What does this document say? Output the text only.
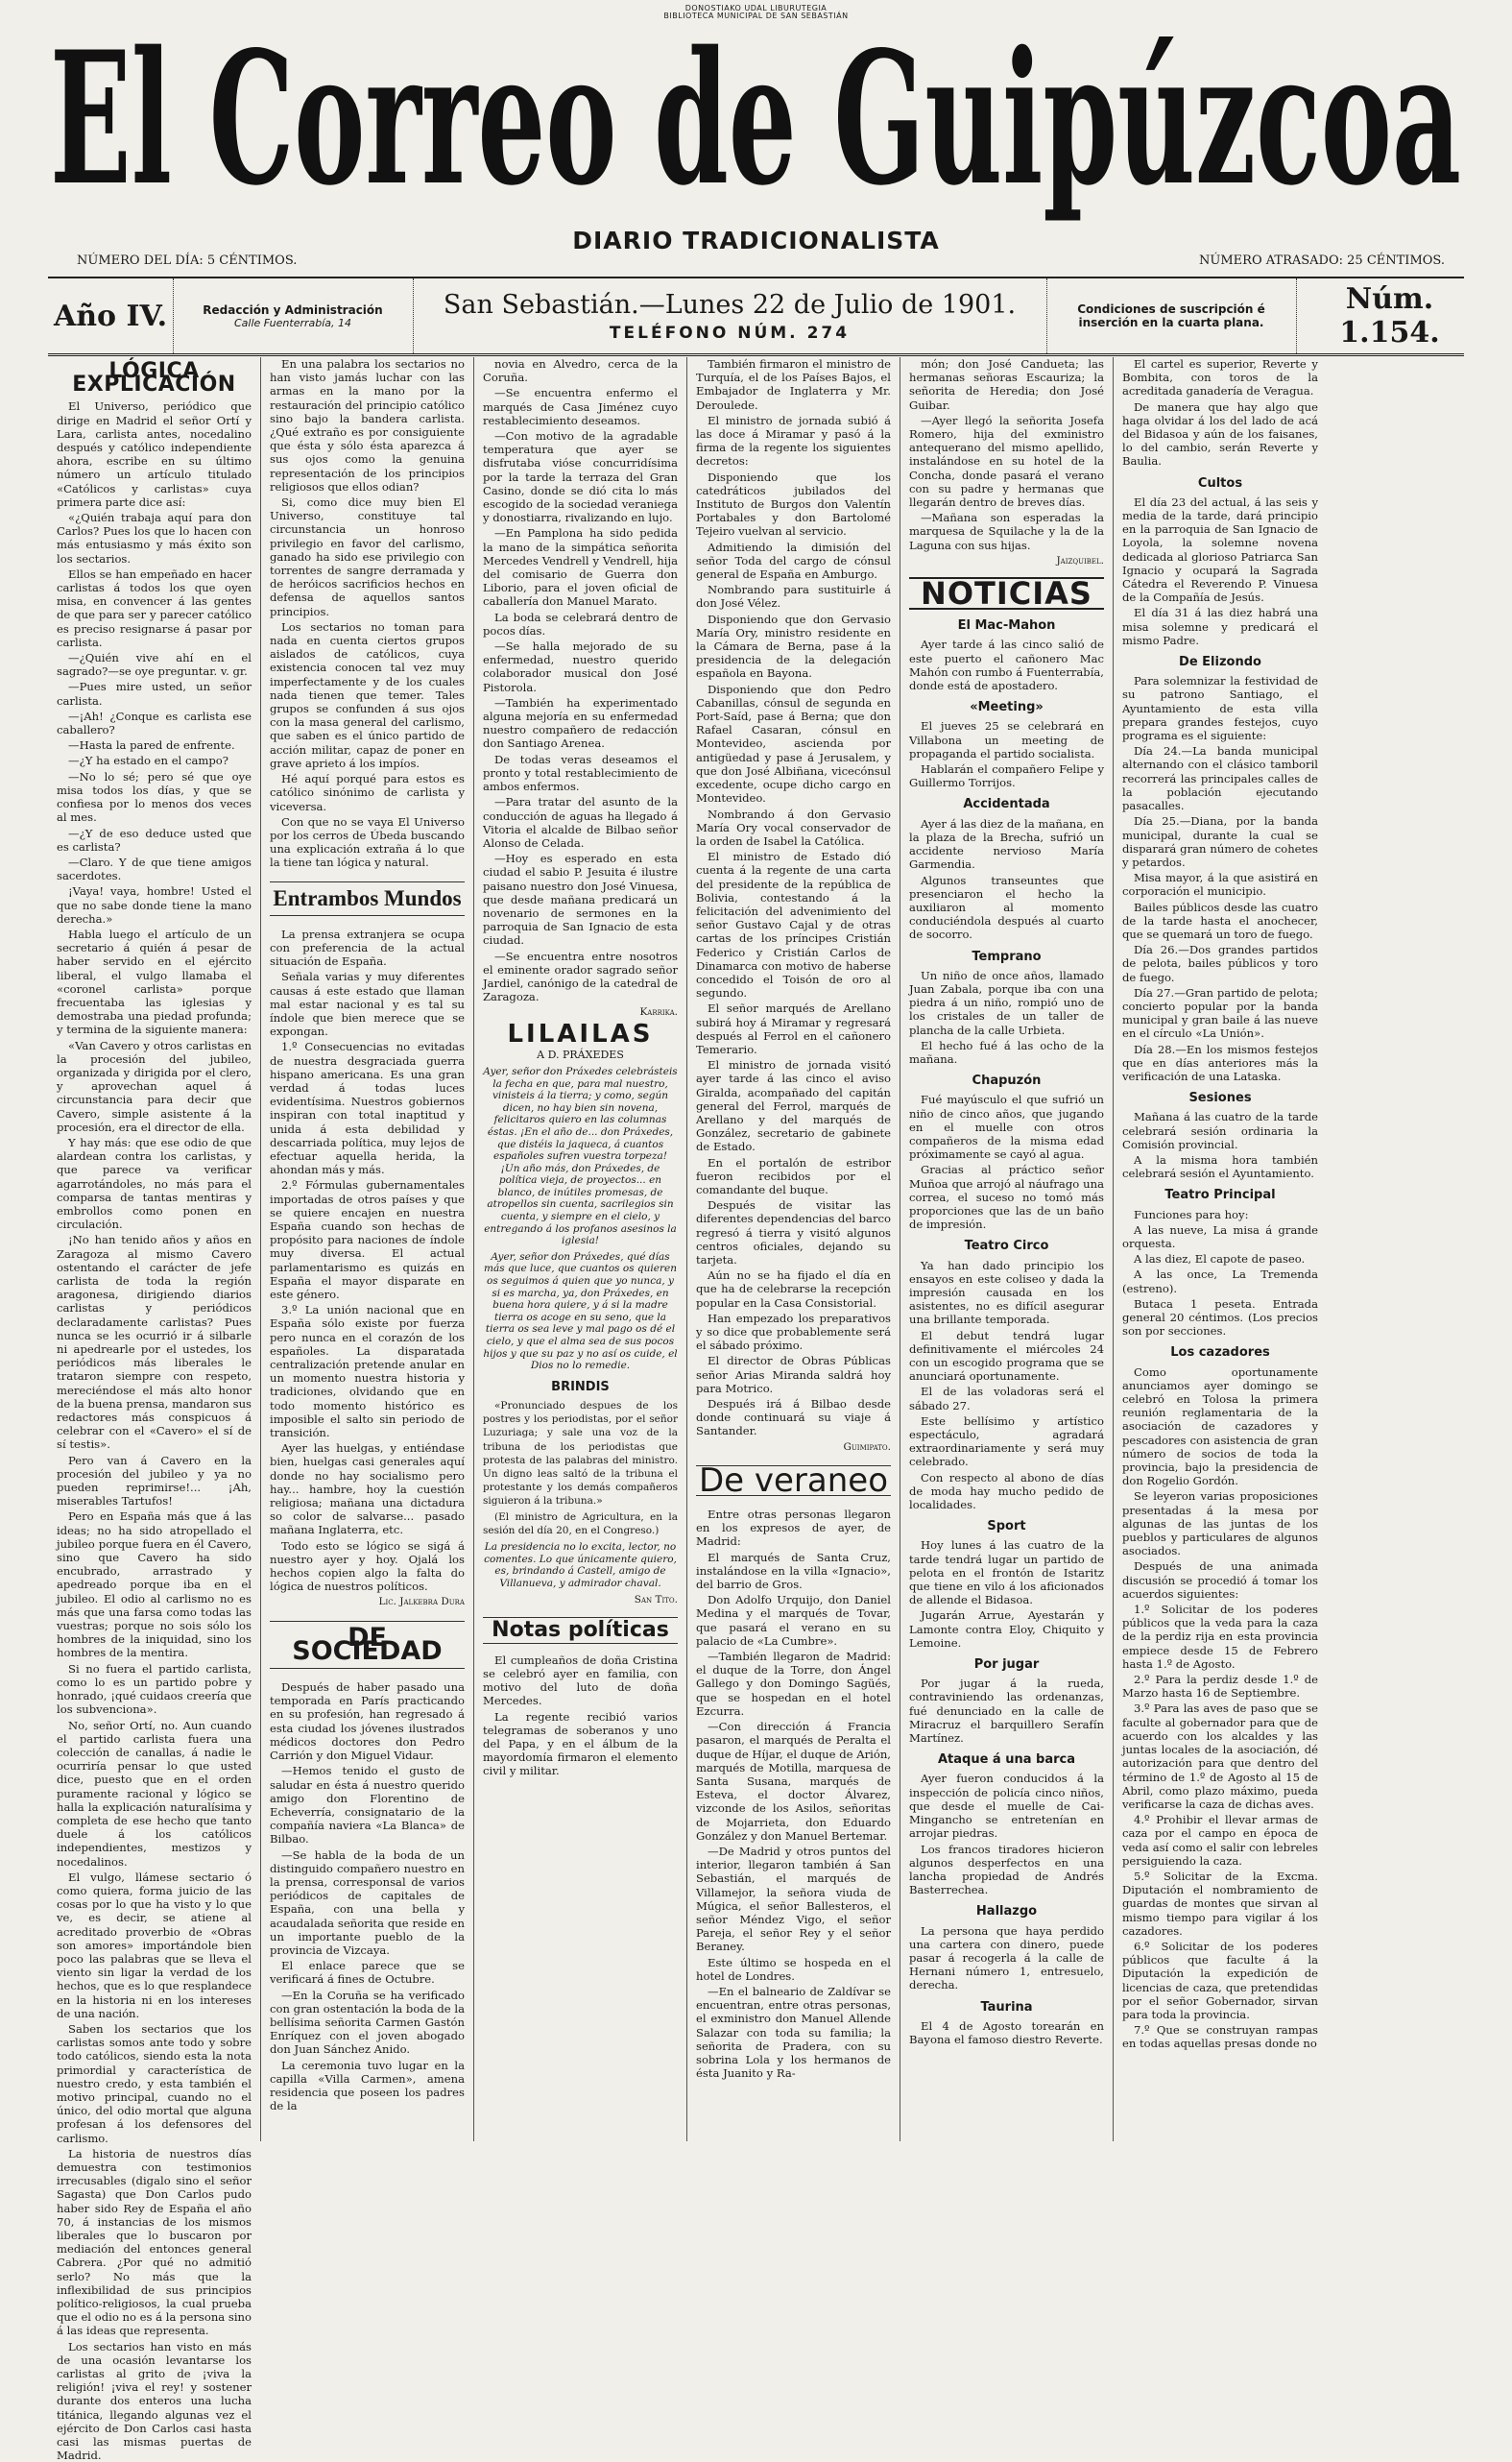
DONOSTIAKO UDAL LIBURUTEGIA
BIBLIOTECA MUNICIPAL DE SAN SEBASTIÁN
El Correo de Guipúzcoa
DIARIO TRADICIONALISTA
NÚMERO DEL DÍA: 5 CÉNTIMOS.	NÚMERO ATRASADO: 25 CÉNTIMOS.
Año IV.	Redacción y Administración
Calle Fuenterrabía, 14
San Sebastián.—Lunes 22 de Julio de 1901.
TELÉFONO NÚM. 274
Condiciones de suscripción é inserción en la cuarta plana.
Núm. 1.154.
LÓGICA EXPLICACIÓN

El Universo, periódico que dirige en Madrid el señor Ortí y Lara, carlista antes, nocedalino después y católico independiente ahora, escribe en su último número un artículo titulado «Católicos y carlistas» cuya primera parte dice así:

«¿Quién trabaja aquí para don Carlos? Pues los que lo hacen con más entusiasmo y más éxito son los sectarios.

Ellos se han empeñado en hacer carlistas á todos los que oyen misa, en convencer á las gentes de que para ser y parecer católico es preciso resignarse á pasar por carlista.

—¿Quién vive ahí en el sagrado?—se oye preguntar. v. gr.

—Pues mire usted, un señor carlista.

—¡Ah! ¿Conque es carlista ese caballero?

—Hasta la pared de enfrente.

—¿Y ha estado en el campo?

—No lo sé; pero sé que oye misa todos los días, y que se confiesa por lo menos dos veces al mes.

—¿Y de eso deduce usted que es carlista?

—Claro. Y de que tiene amigos sacerdotes.

¡Vaya! vaya, hombre! Usted el que no sabe donde tiene la mano derecha.»

Habla luego el artículo de un secretario á quién á pesar de haber servido en el ejército liberal, el vulgo llamaba el «coronel carlista» porque frecuentaba las iglesias y demostraba una piedad profunda; y termina de la siguiente manera:

«Van Cavero y otros carlistas en la procesión del jubileo, organizada y dirigida por el clero, y aprovechan aquel á circunstancia para decir que Cavero, simple asistente á la procesión, era el director de ella.

Y hay más: que ese odio de que alardean contra los carlistas, y que parece va verificar agarrotándoles, no más para el comparsa de tantas mentiras y embrollos como ponen en circulación.

¡No han tenido años y años en Zaragoza al mismo Cavero ostentando el carácter de jefe carlista de toda la región aragonesa, dirigiendo diarios carlistas y periódicos declaradamente carlistas? Pues nunca se les ocurrió ir á silbarle ni apedrearle por el ustedes, los periódicos más liberales le trataron siempre con respeto, mereciéndose el más alto honor de la buena prensa, mandaron sus redactores más conspicuos á celebrar con el «Cavero» el sí de sí testis».

Pero van á Cavero en la procesión del jubileo y ya no pueden reprimirse!... ¡Ah, miserables Tartufos!

Pero en España más que á las ideas; no ha sido atropellado el jubileo porque fuera en él Cavero, sino que Cavero ha sido encubrado, arrastrado y apedreado porque iba en el jubileo. El odio al carlismo no es más que una farsa como todas las vuestras; porque no sois sólo los hombres de la iniquidad, sino los hombres de la mentira.

Si no fuera el partido carlista, como lo es un partido pobre y honrado, ¡qué cuidaos creería que los subvenciona».

No, señor Ortí, no. Aun cuando el partido carlista fuera una colección de canallas, á nadie le ocurriría pensar lo que usted dice, puesto que en el orden puramente racional y lógico se halla la explicación naturalísima y completa de ese hecho que tanto duele á los católicos independientes, mestizos y nocedalinos.

El vulgo, llámese sectario ó como quiera, forma juicio de las cosas por lo que ha visto y lo que ve, es decir, se atiene al acreditado proverbio de «Obras son amores» importándole bien poco las palabras que se lleva el viento sin ligar la verdad de los hechos, que es lo que resplandece en la historia ni en los intereses de una nación.

Saben los sectarios que los carlistas somos ante todo y sobre todo católicos, siendo esta la nota primordial y característica de nuestro credo, y esta también el motivo principal, cuando no el único, del odio mortal que alguna profesan á los defensores del carlismo.

La historia de nuestros días demuestra con testimonios irrecusables (digalo sino el señor Sagasta) que Don Carlos pudo haber sido Rey de España el año 70, á instancias de los mismos liberales que lo buscaron por mediación del entonces general Cabrera. ¿Por qué no admitió serlo? No más que la inflexibilidad de sus principios político-religiosos, la cual prueba que el odio no es á la persona sino á las ideas que representa.

Los sectarios han visto en más de una ocasión levantarse los carlistas al grito de ¡viva la religión! ¡viva el rey! y sostener durante dos enteros una lucha titánica, llegando algunas vez el ejército de Don Carlos casi hasta casi las mismas puertas de Madrid.

En una palabra los sectarios no han visto jamás luchar con las armas en la mano por la restauración del principio católico sino bajo la bandera carlista. ¿Qué extraño es por consiguiente que ésta y sólo ésta aparezca á sus ojos como la genuina representación de los principios religiosos que ellos odian?

Si, como dice muy bien El Universo, constituye tal circunstancia un honroso privilegio en favor del carlismo, ganado ha sido ese privilegio con torrentes de sangre derramada y de heróicos sacrificios hechos en defensa de aquellos santos principios.

Los sectarios no toman para nada en cuenta ciertos grupos aislados de católicos, cuya existencia conocen tal vez muy imperfectamente y de los cuales nada tienen que temer. Tales grupos se confunden á sus ojos con la masa general del carlismo, que saben es el único partido de acción militar, capaz de poner en grave aprieto á los impíos.

Hé aquí porqué para estos es católico sinónimo de carlista y viceversa.

Con que no se vaya El Universo por los cerros de Úbeda buscando una explicación extraña á lo que la tiene tan lógica y natural.

Entrambos Mundos

La prensa extranjera se ocupa con preferencia de la actual situación de España.

Señala varias y muy diferentes causas á este estado que llaman mal estar nacional y es tal su índole que bien merece que se expongan.

1.º Consecuencias no evitadas de nuestra desgraciada guerra hispano americana. Es una gran verdad á todas luces evidentísima. Nuestros gobiernos inspiran con total inaptitud y unida á esta debilidad y descarriada política, muy lejos de efectuar aquella herida, la ahondan más y más.

2.º Fórmulas gubernamentales importadas de otros países y que se quiere encajen en nuestra España cuando son hechas de propósito para naciones de índole muy diversa. El actual parlamentarismo es quizás en España el mayor disparate en este género.

3.º La unión nacional que en España sólo existe por fuerza pero nunca en el corazón de los españoles. La disparatada centralización pretende anular en un momento nuestra historia y tradiciones, olvidando que en todo momento histórico es imposible el salto sin periodo de transición.

Ayer las huelgas, y entiéndase bien, huelgas casi generales aquí donde no hay socialismo pero hay... hambre, hoy la cuestión religiosa; mañana una dictadura so color de salvarse... pasado mañana Inglaterra, etc.

Todo esto se lógico se sigá á nuestro ayer y hoy. Ojalá los hechos copien algo la falta do lógica de nuestros políticos.

Lic. Jalkebra Dura
DE SOCIEDAD

Después de haber pasado una temporada en París practicando en su profesión, han regresado á esta ciudad los jóvenes ilustrados médicos doctores don Pedro Carrión y don Miguel Vidaur.

—Hemos tenido el gusto de saludar en ésta á nuestro querido amigo don Florentino de Echeverría, consignatario de la compañía naviera «La Blanca» de Bilbao.

—Se habla de la boda de un distinguido compañero nuestro en la prensa, corresponsal de varios periódicos de capitales de España, con una bella y acaudalada señorita que reside en un importante pueblo de la provincia de Vizcaya.

El enlace parece que se verificará á fines de Octubre.

—En la Coruña se ha verificado con gran ostentación la boda de la bellísima señorita Carmen Gastón Enríquez con el joven abogado don Juan Sánchez Anido.

La ceremonia tuvo lugar en la capilla «Villa Carmen», amena residencia que poseen los padres de la

novia en Alvedro, cerca de la Coruña.

—Se encuentra enfermo el marqués de Casa Jiménez cuyo restablecimiento deseamos.

—Con motivo de la agradable temperatura que ayer se disfrutaba vióse concurridísima por la tarde la terraza del Gran Casino, donde se dió cita lo más escogido de la sociedad veraniega y donostiarra, rivalizando en lujo.

—En Pamplona ha sido pedida la mano de la simpática señorita Mercedes Vendrell y Vendrell, hija del comisario de Guerra don Liborio, para el joven oficial de caballería don Manuel Marato.

La boda se celebrará dentro de pocos días.

—Se halla mejorado de su enfermedad, nuestro querido colaborador musical don José Pistorola.

—También ha experimentado alguna mejoría en su enfermedad nuestro compañero de redacción don Santiago Arenea.

De todas veras deseamos el pronto y total restablecimiento de ambos enfermos.

—Para tratar del asunto de la conducción de aguas ha llegado á Vitoria el alcalde de Bilbao señor Alonso de Celada.

—Hoy es esperado en esta ciudad el sabio P. Jesuita é ilustre paisano nuestro don José Vinuesa, que desde mañana predicará un novenario de sermones en la parroquia de San Ignacio de esta ciudad.

—Se encuentra entre nosotros el eminente orador sagrado señor Jardiel, canónigo de la catedral de Zaragoza.

Karrika.
LILAILAS
A D. PRÁXEDES
Ayer, señor don Práxedes celebrásteis la fecha en que, para mal nuestro, vinisteis á la tierra; y como, según dicen, no hay bien sin novena, felicitaros quiero en las columnas éstas. ¡En el año de... don Práxedes, que distéis la jaqueca, á cuantos españoles sufren vuestra torpeza! ¡Un año más, don Práxedes, de política vieja, de proyectos... en blanco, de inútiles promesas, de atropellos sin cuenta, sacrilegios sin cuenta, y siempre en el cielo, y entregando á los profanos asesinos la iglesia!
Ayer, señor don Práxedes, qué días más que luce, que cuantos os quieren os seguimos á quien que yo nunca, y si es marcha, ya, don Práxedes, en buena hora quiere, y á si la madre tierra os acoge en su seno, que la tierra os sea leve y mal pago os dé el cielo, y que el alma sea de sus pocos hijos y que su paz y no así os cuide, el Dios no lo remedie.
BRINDIS

«Pronunciado despues de los postres y los periodistas, por el señor Luzuriaga; y sale una voz de la tribuna de los periodistas que protesta de las palabras del ministro. Un digno leas saltó de la tribuna el protestante y los demás compañeros siguieron á la tribuna.»

(El ministro de Agricultura, en la sesión del día 20, en el Congreso.)

La presidencia no lo excita, lector, no comentes. Lo que únicamente quiero, es, brindando á Castell, amigo de Villanueva, y admirador chaval.
San Tito.
Notas políticas

El cumpleaños de doña Cristina se celebró ayer en familia, con motivo del luto de doña Mercedes.

La regente recibió varios telegramas de soberanos y uno del Papa, y en el álbum de la mayordomía firmaron el elemento civil y militar.

También firmaron el ministro de Turquía, el de los Países Bajos, el Embajador de Inglaterra y Mr. Deroulede.

El ministro de jornada subió á las doce á Miramar y pasó á la firma de la regente los siguientes decretos:

Disponiendo que los catedráticos jubilados del Instituto de Burgos don Valentín Portabales y don Bartolomé Tejeiro vuelvan al servicio.

Admitiendo la dimisión del señor Toda del cargo de cónsul general de España en Amburgo.

Nombrando para sustituirle á don José Vélez.

Disponiendo que don Gervasio María Ory, ministro residente en la Cámara de Berna, pase á la presidencia de la delegación española en Bayona.

Disponiendo que don Pedro Cabanillas, cónsul de segunda en Port-Saíd, pase á Berna; que don Rafael Casaran, cónsul en Montevideo, ascienda por antigüedad y pase á Jerusalem, y que don José Albiñana, vicecónsul excedente, ocupe dicho cargo en Montevideo.

Nombrando á don Gervasio María Ory vocal conservador de la orden de Isabel la Católica.

El ministro de Estado dió cuenta á la regente de una carta del presidente de la república de Bolivia, contestando á la felicitación del advenimiento del señor Gustavo Cajal y de otras cartas de los príncipes Cristián Federico y Cristián Carlos de Dinamarca con motivo de haberse concedido el Toisón de oro al segundo.

El señor marqués de Arellano subirá hoy á Miramar y regresará después al Ferrol en el cañonero Temerario.

El ministro de jornada visitó ayer tarde á las cinco el aviso Giralda, acompañado del capitán general del Ferrol, marqués de Arellano y del marqués de González, secretario de gabinete de Estado.

En el portalón de estribor fueron recibidos por el comandante del buque.

Después de visitar las diferentes dependencias del barco regresó á tierra y visitó algunos centros oficiales, dejando su tarjeta.

Aún no se ha fijado el día en que ha de celebrarse la recepción popular en la Casa Consistorial.

Han empezado los preparativos y so dice que probablemente será el sábado próximo.

El director de Obras Públicas señor Arias Miranda saldrá hoy para Motrico.

Después irá á Bilbao desde donde continuará su viaje á Santander.

Guimipato.
De veraneo

Entre otras personas llegaron en los expresos de ayer, de Madrid:

El marqués de Santa Cruz, instalándose en la villa «Ignacio», del barrio de Gros.

Don Adolfo Urquijo, don Daniel Medina y el marqués de Tovar, que pasará el verano en su palacio de «La Cumbre».

—También llegaron de Madrid: el duque de la Torre, don Ángel Gallego y don Domingo Sagüés, que se hospedan en el hotel Ezcurra.

—Con dirección á Francia pasaron, el marqués de Peralta el duque de Híjar, el duque de Arión, marqués de Motilla, marquesa de Santa Susana, marqués de Esteva, el doctor Álvarez, vizconde de los Asilos, señoritas de Mojarrieta, don Eduardo González y don Manuel Bertemar.

—De Madrid y otros puntos del interior, llegaron también á San Sebastián, el marqués de Villamejor, la señora viuda de Múgica, el señor Ballesteros, el señor Méndez Vigo, el señor Pareja, el señor Rey y el señor Beraney.

Este último se hospeda en el hotel de Londres.

—En el balneario de Zaldívar se encuentran, entre otras personas, el exministro don Manuel Allende Salazar con toda su familia; la señorita de Pradera, con su sobrina Lola y los hermanos de ésta Juanito y Ra-

món; don José Candueta; las hermanas señoras Escauriza; la señorita de Heredia; don José Guibar.

—Ayer llegó la señorita Josefa Romero, hija del exministro antequerano del mismo apellido, instalándose en su hotel de la Concha, donde pasará el verano con su padre y hermanas que llegarán dentro de breves días.

—Mañana son esperadas la marquesa de Squilache y la de la Laguna con sus hijas.

Jaizquibel.
NOTICIAS
El Mac-Mahon

Ayer tarde á las cinco salió de este puerto el cañonero Mac Mahón con rumbo á Fuenterrabía, donde está de apostadero.

«Meeting»

El jueves 25 se celebrará en Villabona un meeting de propaganda el partido socialista.

Hablarán el compañero Felipe y Guillermo Torrijos.

Accidentada

Ayer á las diez de la mañana, en la plaza de la Brecha, sufrió un accidente nervioso María Garmendia.

Algunos transeuntes que presenciaron el hecho la auxiliaron al momento conduciéndola después al cuarto de socorro.

Temprano

Un niño de once años, llamado Juan Zabala, porque iba con una piedra á un niño, rompió uno de los cristales de un taller de plancha de la calle Urbieta.

El hecho fué á las ocho de la mañana.

Chapuzón

Fué mayúsculo el que sufrió un niño de cinco años, que jugando en el muelle con otros compañeros de la misma edad próximamente se cayó al agua.

Gracias al práctico señor Muñoa que arrojó al náufrago una correa, el suceso no tomó más proporciones que las de un baño de impresión.

Teatro Circo

Ya han dado principio los ensayos en este coliseo y dada la impresión causada en los asistentes, no es difícil asegurar una brillante temporada.

El debut tendrá lugar definitivamente el miércoles 24 con un escogido programa que se anunciará oportunamente.

El de las voladoras será el sábado 27.

Este bellísimo y artístico espectáculo, agradará extraordinariamente y será muy celebrado.

Con respecto al abono de días de moda hay mucho pedido de localidades.

Sport

Hoy lunes á las cuatro de la tarde tendrá lugar un partido de pelota en el frontón de Istaritz que tiene en vilo á los aficionados de allende el Bidasoa.

Jugarán Arrue, Ayestarán y Lamonte contra Eloy, Chiquito y Lemoine.

Por jugar

Por jugar á la rueda, contraviniendo las ordenanzas, fué denunciado en la calle de Miracruz el barquillero Serafín Martínez.

Ataque á una barca

Ayer fueron conducidos á la inspección de policía cinco niños, que desde el muelle de Cai-Mingancho se entretenían en arrojar piedras.

Los francos tiradores hicieron algunos desperfectos en una lancha propiedad de Andrés Basterrechea.

Hallazgo

La persona que haya perdido una cartera con dinero, puede pasar á recogerla á la calle de Hernani número 1, entresuelo, derecha.

Taurina

El 4 de Agosto torearán en Bayona el famoso diestro Reverte.

El cartel es superior, Reverte y Bombita, con toros de la acreditada ganadería de Veragua.

De manera que hay algo que haga olvidar á los del lado de acá del Bidasoa y aún de los faisanes, lo del cambio, serán Reverte y Baulia.

Cultos

El día 23 del actual, á las seis y media de la tarde, dará principio en la parroquia de San Ignacio de Loyola, la solemne novena dedicada al glorioso Patriarca San Ignacio y ocupará la Sagrada Cátedra el Reverendo P. Vinuesa de la Compañía de Jesús.

El día 31 á las diez habrá una misa solemne y predicará el mismo Padre.

De Elizondo

Para solemnizar la festividad de su patrono Santiago, el Ayuntamiento de esta villa prepara grandes festejos, cuyo programa es el siguiente:

Día 24.—La banda municipal alternando con el clásico tamboril recorrerá las principales calles de la población ejecutando pasacalles.

Día 25.—Diana, por la banda municipal, durante la cual se disparará gran número de cohetes y petardos.

Misa mayor, á la que asistirá en corporación el municipio.

Bailes públicos desde las cuatro de la tarde hasta el anochecer, que se quemará un toro de fuego.

Día 26.—Dos grandes partidos de pelota, bailes públicos y toro de fuego.

Día 27.—Gran partido de pelota; concierto popular por la banda municipal y gran baile á las nueve en el círculo «La Unión».

Día 28.—En los mismos festejos que en días anteriores más la verificación de una Lataska.

Sesiones

Mañana á las cuatro de la tarde celebrará sesión ordinaria la Comisión provincial.

A la misma hora también celebrará sesión el Ayuntamiento.

Teatro Principal

Funciones para hoy:

A las nueve, La misa á grande orquesta.

A las diez, El capote de paseo.

A las once, La Tremenda (estreno).

Butaca 1 peseta. Entrada general 20 céntimos. (Los precios son por secciones.

Los cazadores

Como oportunamente anunciamos ayer domingo se celebró en Tolosa la primera reunión reglamentaria de la asociación de cazadores y pescadores con asistencia de gran número de socios de toda la provincia, bajo la presidencia de don Rogelio Gordón.

Se leyeron varias proposiciones presentadas á la mesa por algunas de las juntas de los pueblos y particulares de algunos asociados.

Después de una animada discusión se procedió á tomar los acuerdos siguientes:

1.º Solicitar de los poderes públicos que la veda para la caza de la perdiz rija en esta provincia empiece desde 15 de Febrero hasta 1.º de Agosto.

2.º Para la perdiz desde 1.º de Marzo hasta 16 de Septiembre.

3.º Para las aves de paso que se faculte al gobernador para que de acuerdo con los alcaldes y las juntas locales de la asociación, dé autorización para que dentro del término de 1.º de Agosto al 15 de Abril, como plazo máximo, pueda verificarse la caza de dichas aves.

4.º Prohibir el llevar armas de caza por el campo en época de veda así como el salir con lebreles persiguiendo la caza.

5.º Solicitar de la Excma. Diputación el nombramiento de guardas de montes que sirvan al mismo tiempo para vigilar á los cazadores.

6.º Solicitar de los poderes públicos que faculte á la Diputación la expedición de licencias de caza, que pretendidas por el señor Gobernador, sirvan para toda la provincia.

7.º Que se construyan rampas en todas aquellas presas donde no
